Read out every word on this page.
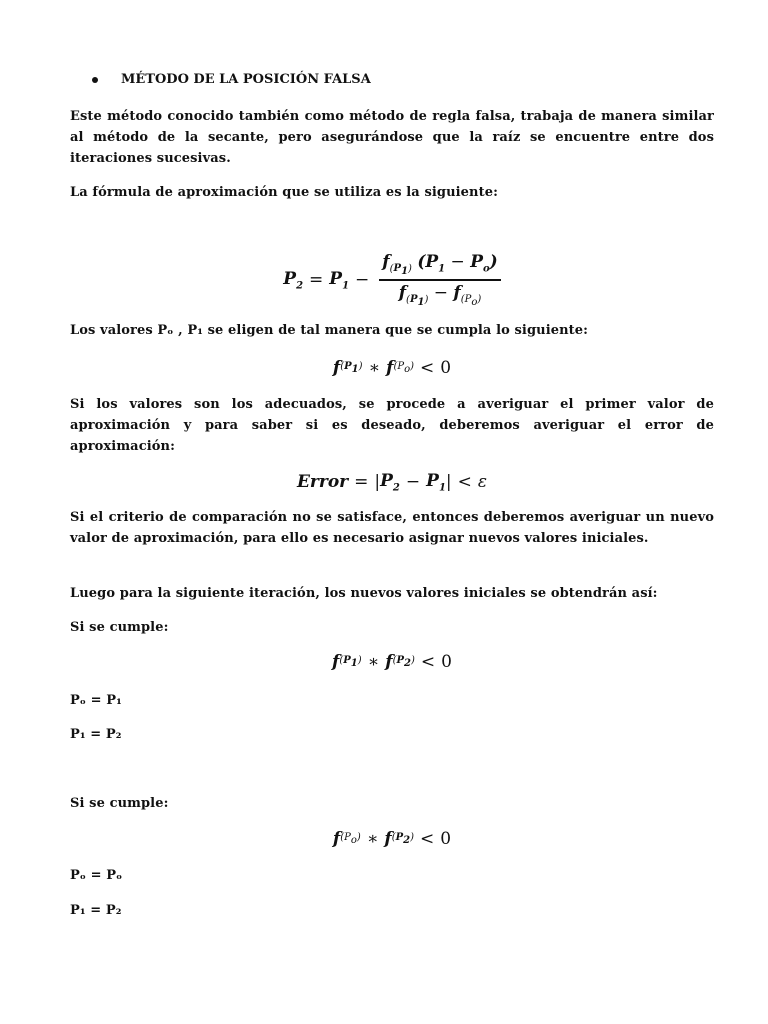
MÉTODO DE LA POSICIÓN FALSA

Este método conocido también como método de regla falsa, trabaja de manera similar al método de la secante, pero asegurándose que la raíz se encuentre entre dos iteraciones sucesivas.

La fórmula de aproximación que se utiliza es la siguiente:

$P_2 = P_1 - \frac{f_{(P_1)} (P_1 - P_o)}{f_{(P_1)} - f_{(P_o)}}$

Los valores Pₒ , P₁ se eligen de tal manera que se cumpla lo siguiente:

f $(P_1)$ ∗ f $(P_o) < 0$

Si los valores son los adecuados, se procede a averiguar el primer valor de aproximación y para saber si es deseado, deberemos averiguar el error de aproximación:

Error = | $P_2 - P_1$ | < ε

Si el criterio de comparación no se satisface, entonces deberemos averiguar un nuevo valor de aproximación, para ello es necesario asignar nuevos valores iniciales.

Luego para la siguiente iteración, los nuevos valores iniciales se obtendrán así:

Si se cumple:

f $(P_1)$ ∗ f $(P_2) < 0$

Pₒ = P₁

P₁ = P₂

Si se cumple:

f $(P_o)$ ∗ f $(P_2) < 0$

Pₒ = Pₒ

P₁ = P₂
